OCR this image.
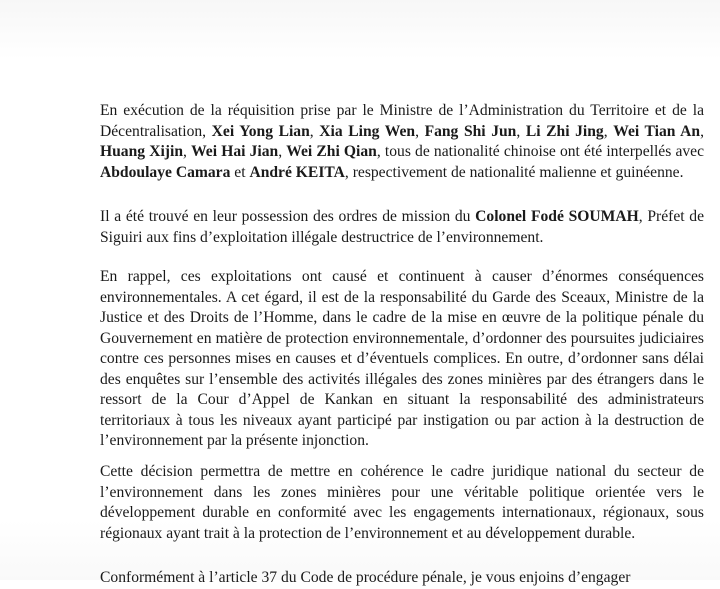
En exécution de la réquisition prise par le Ministre de l’Administration du Territoire et de la Décentralisation, Xei Yong Lian, Xia Ling Wen, Fang Shi Jun, Li Zhi Jing, Wei Tian An, Huang Xijin, Wei Hai Jian, Wei Zhi Qian, tous de nationalité chinoise ont été interpellés avec Abdoulaye Camara et André KEITA, respectivement de nationalité malienne et guinéenne.

Il a été trouvé en leur possession des ordres de mission du Colonel Fodé SOUMAH, Préfet de Siguiri aux fins d’exploitation illégale destructrice de l’environnement.

En rappel, ces exploitations ont causé et continuent à causer d’énormes conséquences environnementales. A cet égard, il est de la responsabilité du Garde des Sceaux, Ministre de la Justice et des Droits de l’Homme, dans le cadre de la mise en œuvre de la politique pénale du Gouvernement en matière de protection environnementale, d’ordonner des poursuites judiciaires contre ces personnes mises en causes et d’éventuels complices. En outre, d’ordonner sans délai des enquêtes sur l’ensemble des activités illégales des zones minières par des étrangers dans le ressort de la Cour d’Appel de Kankan en situant la responsabilité des administrateurs territoriaux à tous les niveaux ayant participé par instigation ou par action à la destruction de l’environnement par la présente injonction.

Cette décision permettra de mettre en cohérence le cadre juridique national du secteur de l’environnement dans les zones minières pour une véritable politique orientée vers le développement durable en conformité avec les engagements internationaux, régionaux, sous régionaux ayant trait à la protection de l’environnement et au développement durable.

Conformément à l’article 37 du Code de procédure pénale, je vous enjoins d’engager
